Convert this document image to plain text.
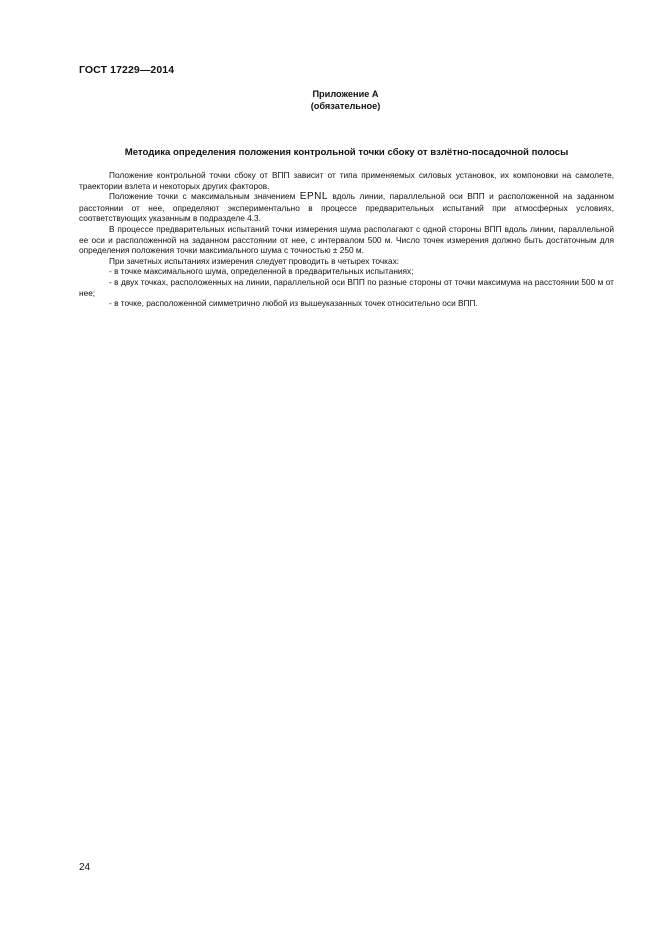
ГОСТ 17229—2014
Приложение А
(обязательное)
Методика определения положения контрольной точки сбоку от взлётно-посадочной полосы

Положение контрольной точки сбоку от ВПП зависит от типа применяемых силовых установок, их компоновки на самолете, траектории взлета и некоторых других факторов.

Положение точки с максимальным значением EPNL вдоль линии, параллельной оси ВПП и расположенной на заданном расстоянии от нее, определяют экспериментально в процессе предварительных испытаний при атмосферных условиях, соответствующих указанным в подразделе 4.3.

В процессе предварительных испытаний точки измерения шума располагают с одной стороны ВПП вдоль линии, параллельной ее оси и расположенной на заданном расстоянии от нее, с интервалом 500 м. Число точек измерения должно быть достаточным для определения положения точки максимального шума с точностью ± 250 м.

При зачетных испытаниях измерения следует проводить в четырех точках:

- в точке максимального шума, определенной в предварительных испытаниях;

- в двух точках, расположенных на линии, параллельной оси ВПП по разные стороны от точки максимума на расстоянии 500 м от нее;

- в точке, расположенной симметрично любой из вышеуказанных точек относительно оси ВПП.

24
